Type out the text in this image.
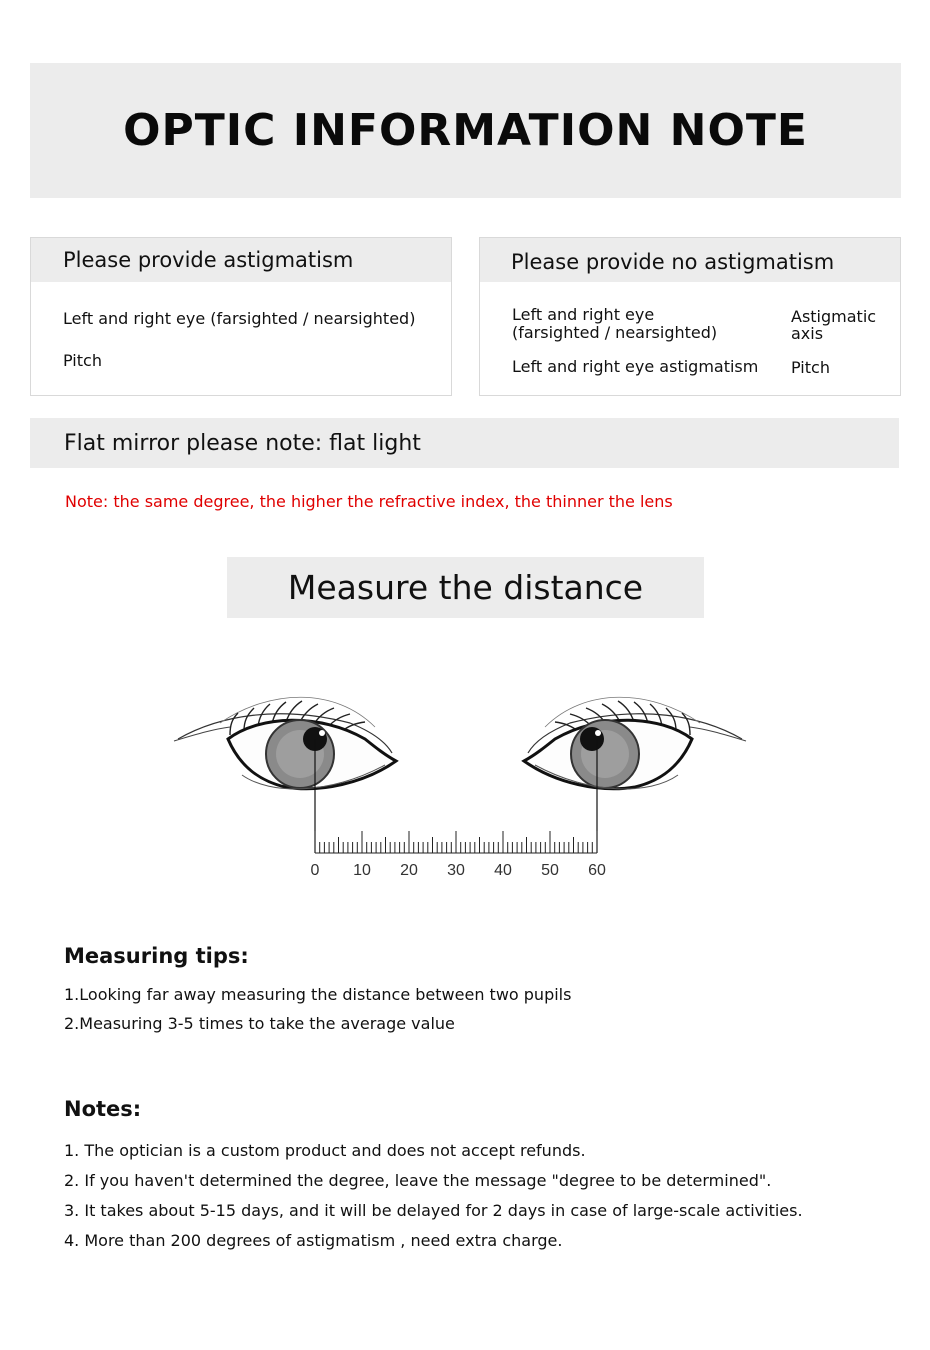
OPTIC INFORMATION NOTE
Please provide astigmatism
Left and right eye (farsighted / nearsighted)
Pitch
Please provide no astigmatism
Left and right eye
(farsighted / nearsighted)
Left and right eye astigmatism
Astigmatic
axis
Pitch
Flat mirror please note: flat light
Note: the same degree, the higher the refractive index, the thinner the lens
Measure the distance
0 10 20 30 40 50 60
Measuring tips:
1.Looking far away measuring the distance between two pupils
2.Measuring 3-5 times to take the average value
Notes:
1. The optician is a custom product and does not accept refunds.
2. If you haven't determined the degree, leave the message "degree to be determined".
3. It takes about 5-15 days, and it will be delayed for 2 days in case of large-scale activities.
4. More than 200 degrees of astigmatism , need extra charge.
